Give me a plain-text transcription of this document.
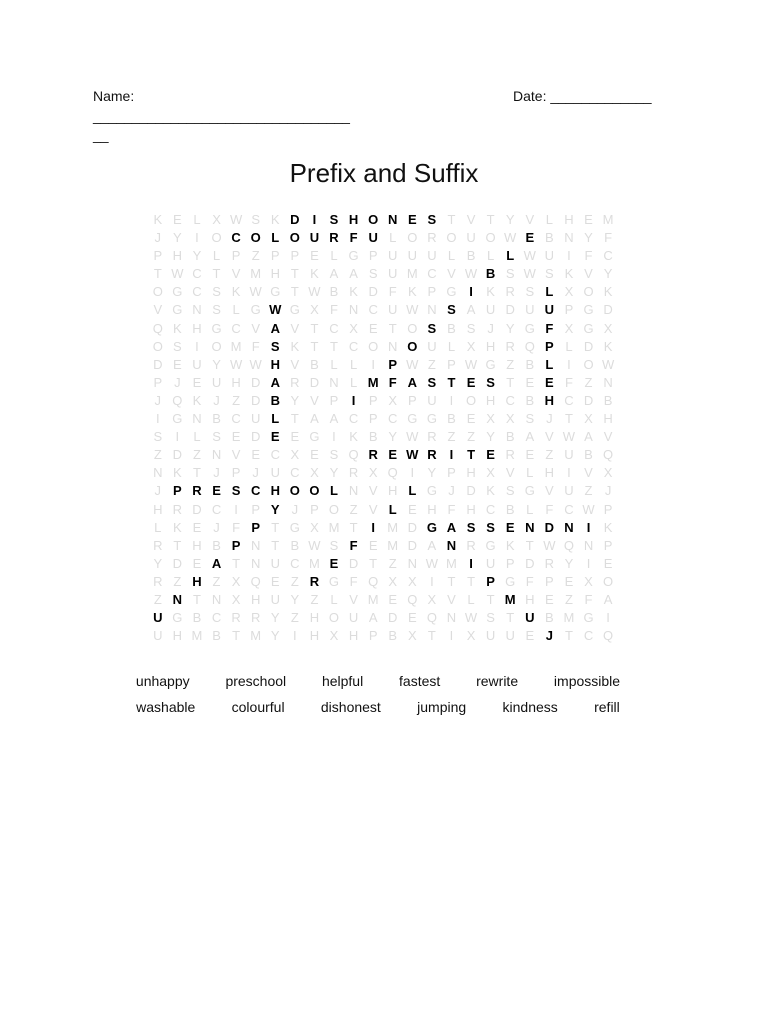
Name:	Date: _____________
_________________________________
__
Prefix and Suffix
K E L X W S K D	I	S H O N E S T V T Y V L H E M
J Y	I O C O L O U R F U L O R O U O W E B N Y F
P H Y L P Z P P E L G P U U U L B L L W U	I	F C
T W C T V M H T K A A S U M C V W B S W S K V Y
O G C S K W G T W B K D F K P G I	K R S L X O K
V G N S L G W G X F N C U W N S A U D U U P G D
Q K H G C V A V T C X E T O S B S J Y G F X G X
O S	I O M F S K T T C O N O U L X H R Q P L D K
D E U Y W W H V B L L	I	P W Z P W G Z B L	I O W
P J E U H D A R D N L M F A S T E S T E E F Z N
J Q K J Z D B Y V P	I	P X P U	I O H C B H C D B
I G N B C U L T A A C P C G G B E X X S J T X H
S	I	L S E D E E G I	K B Y W R Z Z Y B A V W A V
Z D Z N V E C X E S Q R E W R	I	T E R E Z U B Q
N K T J P J U C X Y R X Q I	Y P H X V L H	I	V X
J P R E S C H O O L N V H L G J D K S G V U Z J
H R D C	I	P Y J P O Z V L E H F H C B L F C W P
L K E J F P T G X M T	I M D G A S S E N D N	I	K
R T H B P N T B W S F E M D A N R G K T W Q N P
Y D E A T N U C M E D T Z N W M I	U P D R Y	I	E
R Z H Z X Q E Z R G F Q X X	I	T T P G F P E X O
Z N T N X H U Y Z L V M E Q X V L T M H E Z F A
U G B C R R Y Z H O U A D E Q N W S T U B M G I
U H M B T M Y	I	H X H P B X T	I	X U U E J T C Q
unhappy	preschool	helpful	fastest	rewrite	impossible
washable	colourful	dishonest	jumping	kindness	refill
